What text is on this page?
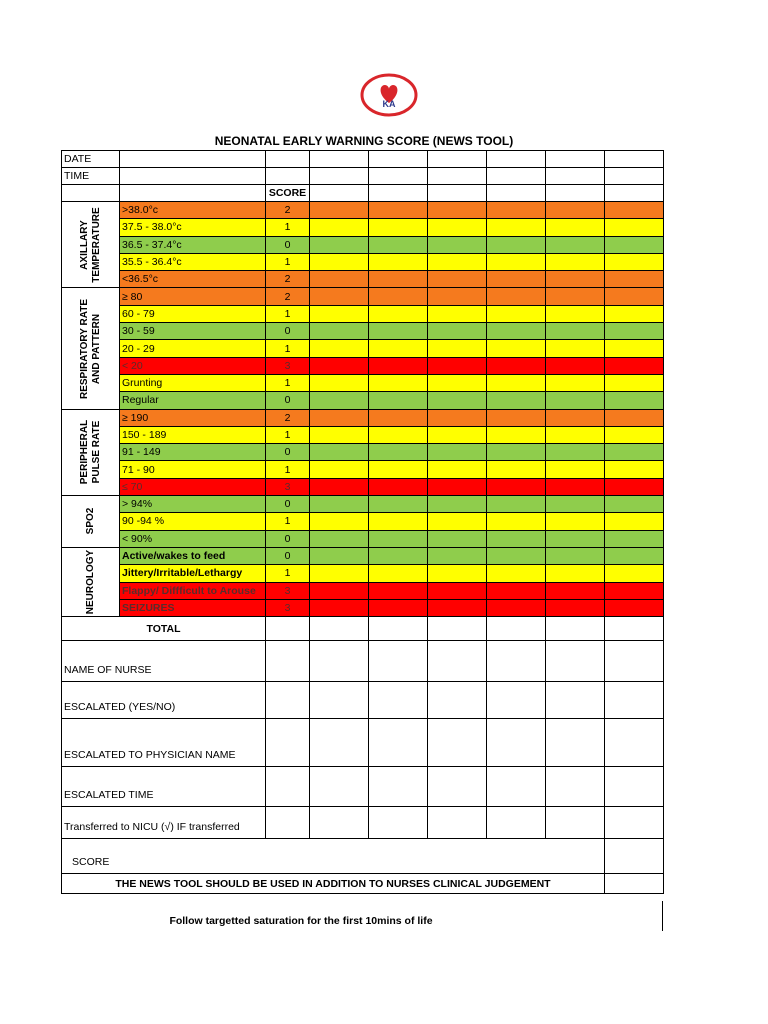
KA
NEONATAL EARLY WARNING SCORE (NEWS TOOL)
DATE								
TIME								
		SCORE						

AXILLARY TEMPERATURE	>38.0°c	2						
	37.5 - 38.0°c	1						
	36.5 - 37.4°c	0						
	35.5 - 36.4°c	1						
	<36.5°c	2						

RESPIRATORY RATE AND PATTERN	≥ 80	2						
	60 - 79	1						
	30 - 59	0						
	20 - 29	1						
	< 20	3						
	Grunting	1						
	Regular	0						

PERIPHERAL PULSE RATE	≥ 190	2						
	150 - 189	1						
	91 - 149	0						
	71 - 90	1						
	≤ 70	3						

SPO2	> 94%	0						
	90 -94 %	1						
	< 90%	0						

NEUROLOGY	Active/wakes to feed	0						
	Jittery/Irritable/Lethargy	1						
	Flappy/ Diffficult to Arouse	3						
	SEIZURES	3						
TOTAL								
NAME OF NURSE								
ESCALATED (YES/NO)								
ESCALATED TO PHYSICIAN NAME								
ESCALATED TIME								
Transferred to NICU (√) IF transferred								
SCORE								
THE NEWS TOOL SHOULD BE USED IN ADDITION TO NURSES CLINICAL JUDGEMENT								
Follow targetted saturation for the first 10mins of life
